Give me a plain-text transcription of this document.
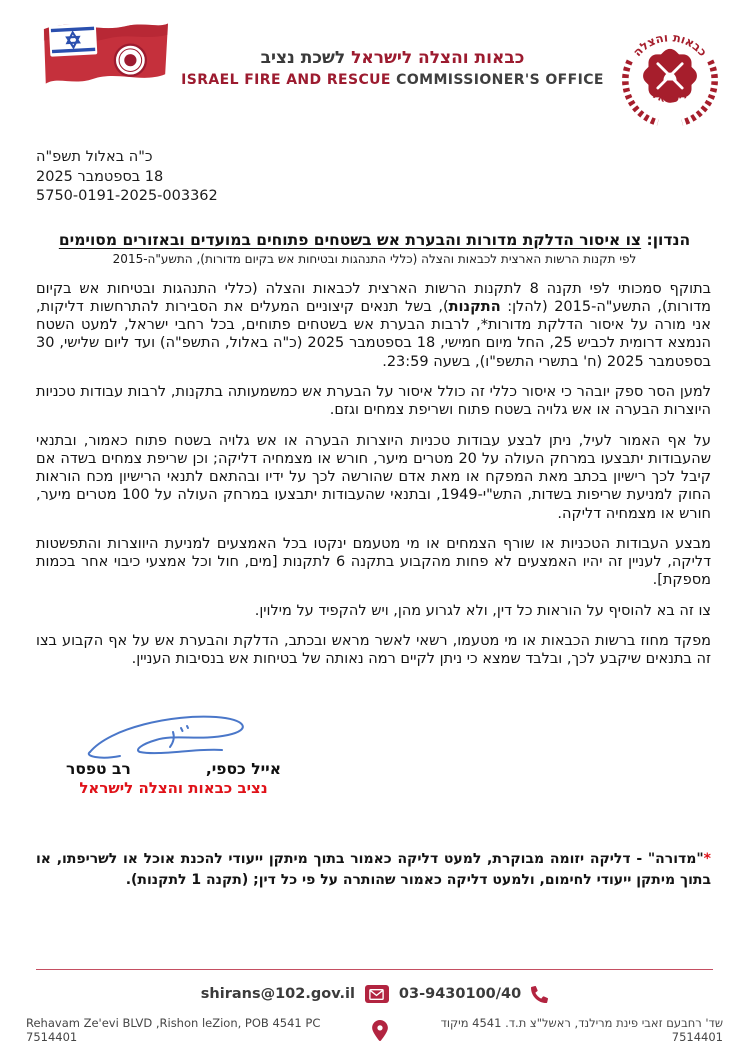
כבאות והצלה לישראל לשכת נציב
ISRAEL FIRE AND RESCUE COMMISSIONER'S OFFICE
כבאות והצלה
לישראל
כ"ה באלול תשפ"ה
18 בספטמבר 2025
5750-0191-2025-003362
הנדון: צו איסור הדלקת מדורות והבערת אש בשטחים פתוחים במועדים ובאזורים מסוימים
לפי תקנות הרשות הארצית לכבאות והצלה (כללי התנהגות ובטיחות אש בקיום מדורות), התשע"ה-2015

בתוקף סמכותי לפי תקנה 8 לתקנות הרשות הארצית לכבאות והצלה (כללי התנהגות ובטיחות אש בקיום מדורות), התשע"ה-2015 (להלן: התקנות), בשל תנאים קיצוניים המעלים את הסבירות להתרחשות דליקות, אני מורה על איסור הדלקת מדורות*, לרבות הבערת אש בשטחים פתוחים, בכל רחבי ישראל, למעט השטח הנמצא דרומית לכביש 25, החל מיום חמישי, 18 בספטמבר 2025 (כ"ה באלול, התשפ"ה) ועד ליום שלישי, 30 בספטמבר 2025 (ח' בתשרי התשפ"ו), בשעה 23:59.

למען הסר ספק יובהר כי איסור כללי זה כולל איסור על הבערת אש כמשמעותה בתקנות, לרבות עבודות טכניות היוצרות הבערה או אש גלויה בשטח פתוח ושריפת צמחים וגזם.

על אף האמור לעיל, ניתן לבצע עבודות טכניות היוצרות הבערה או אש גלויה בשטח פתוח כאמור, ובתנאי שהעבודות יתבצעו במרחק העולה על 20 מטרים מיער, חורש או מצמחיה דליקה; וכן שריפת צמחים בשדה אם קיבל לכך רישיון בכתב מאת המפקח או מאת אדם שהורשה לכך על ידיו ובהתאם לתנאי הרישיון מכח הוראות החוק למניעת שריפות בשדות, התש"י-1949, ובתנאי שהעבודות יתבצעו במרחק העולה על 100 מטרים מיער, חורש או מצמחיה דליקה.

מבצע העבודות הטכניות או שורף הצמחים או מי מטעמם ינקטו בכל האמצעים למניעת היווצרות והתפשטות דליקה, לעניין זה יהיו האמצעים לא פחות מהקבוע בתקנה 6 לתקנות [מים, חול וכל אמצעי כיבוי אחר בכמות מספקת].

צו זה בא להוסיף על הוראות כל דין, ולא לגרוע מהן, ויש להקפיד על מילוין.

מפקד מחוז ברשות הכבאות או מי מטעמו, רשאי לאשר מראש ובכתב, הדלקת והבערת אש על אף הקבוע בצו זה בתנאים שיקבע לכך, ובלבד שמצא כי ניתן לקיים רמה נאותה של בטיחות אש בנסיבות העניין.

אייל כספי,
רב טפסר
נציב כבאות והצלה לישראל
*"מדורה" - דליקה יזומה מבוקרת, למעט דליקה כאמור בתוך מיתקן ייעודי להכנת אוכל או לשריפתו, או בתוך מיתקן ייעודי לחימום, ולמעט דליקה כאמור שהותרה על פי כל דין; (תקנה 1 לתקנות).
shirans@102.gov.il	03-9430100/40
Rehavam Ze'evi BLVD ,Rishon leZion, POB 4541 PC 7514401
שד' רחבעם זאבי פינת מרילנד, ראשל"צ ת.ד. 4541 מיקוד 7514401
